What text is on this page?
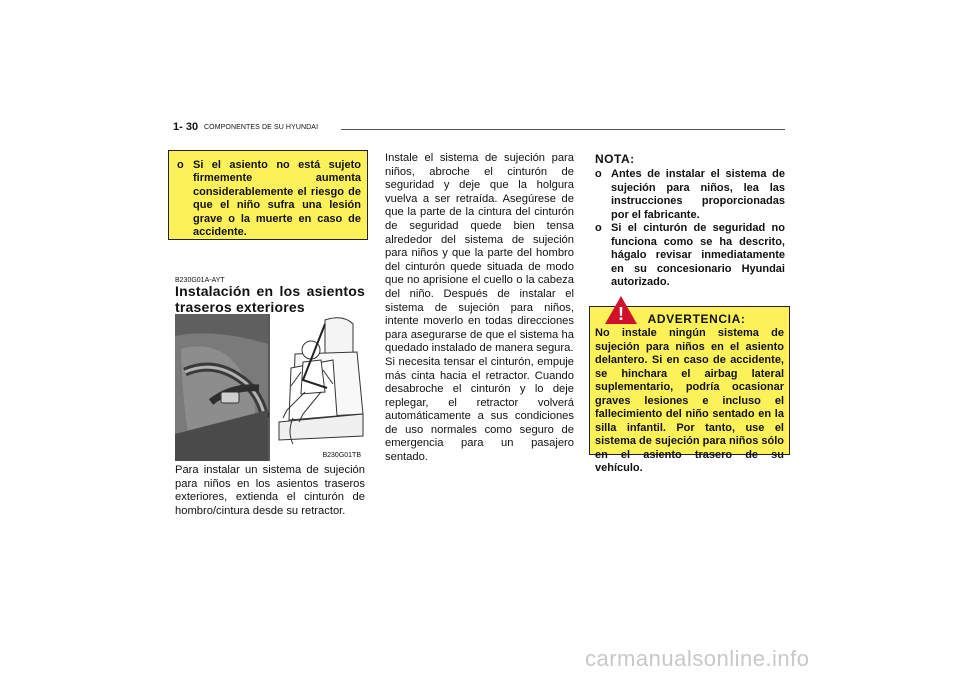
1- 30 COMPONENTES DE SU HYUNDAI
o Si el asiento no está sujeto firmemente aumenta considerablemente el riesgo de que el niño sufra una lesión grave o la muerte en caso de accidente.
B230G01A-AYT
Instalación en los asientos traseros exteriores
B230G01TB
Para instalar un sistema de sujeción para niños en los asientos traseros exteriores, extienda el cinturón de hombro/cintura desde su retractor.
Instale el sistema de sujeción para niños, abroche el cinturón de seguridad y deje que la holgura vuelva a ser retraída. Asegúrese de que la parte de la cintura del cinturón de seguridad quede bien tensa alrededor del sistema de sujeción para niños y que la parte del hombro del cinturón quede situada de modo que no aprisione el cuello o la cabeza del niño. Después de instalar el sistema de sujeción para niños, intente moverlo en todas direcciones para asegurarse de que el sistema ha quedado instalado de manera segura.
Si necesita tensar el cinturón, empuje más cinta hacia el retractor. Cuando desabroche el cinturón y lo deje replegar, el retractor volverá automáticamente a sus condiciones de uso normales como seguro de emergencia para un pasajero sentado.
NOTA:
o Antes de instalar el sistema de sujeción para niños, lea las instrucciones proporcionadas por el fabricante.
o Si el cinturón de seguridad no funciona como se ha descrito, hágalo revisar inmediatamente en su concesionario Hyundai autorizado.
!	ADVERTENCIA:
No instale ningún sistema de sujeción para niños en el asiento delantero. Si en caso de accidente, se hinchara el airbag lateral suplementario, podría ocasionar graves lesiones e incluso el fallecimiento del niño sentado en la silla infantil. Por tanto, use el sistema de sujeción para niños sólo en el asiento trasero de su vehículo.
carmanualsonline.info
